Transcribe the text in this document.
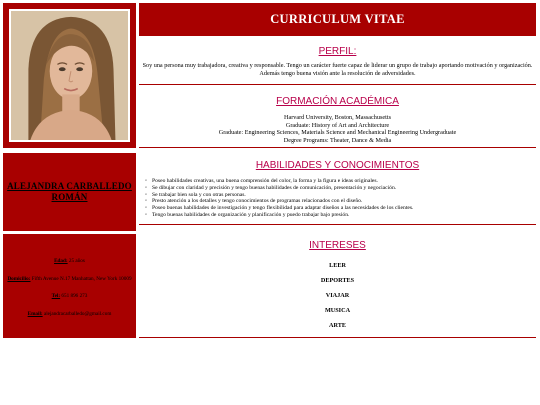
ALEJANDRA CARBALLEDO ROMÁN

Edad: 25 años

Domicilio: Fifth Avenue N.17 Manhattan, New York 10009

Tel: 651 896 273

Email: alejandracarballedo@gmail.com

CURRICULUM VITAE
PERFIL:
Soy una persona muy trabajadora, creativa y responsable. Tengo un carácter fuerte capaz de liderar un grupo de trabajo aportando motivación y organización. Además tengo buena visión ante la resolución de adversidades.
FORMACIÓN ACADÉMICA
Harvard University, Boston, Massachusetts
Graduate: History of Art and Architecture
Graduate: Engineering Sciences, Materials Science and Mechanical Engineering Undergraduate
Degree Programs: Theater, Dance & Media
HABILIDADES Y CONOCIMIENTOS
◦ Poseo habilidades creativas, una buena comprensión del color, la forma y la figura e ideas originales.
◦ Se dibujar con claridad y precisión y tengo buenas habilidades de comunicación, presentación y negociación.
◦ Se trabajar bien sola y con otras personas.
◦ Presto atención a los detalles y tengo conocimientos de programas relacionados con el diseño.
◦ Poseo buenas habilidades de investigación y tengo flexibilidad para adaptar diseños a las necesidades de los clientes.
◦ Tengo buenas habilidades de organización y planificación y puedo trabajar bajo presión.
INTERESES
LEER
DEPORTES
VIAJAR
MUSICA
ARTE
